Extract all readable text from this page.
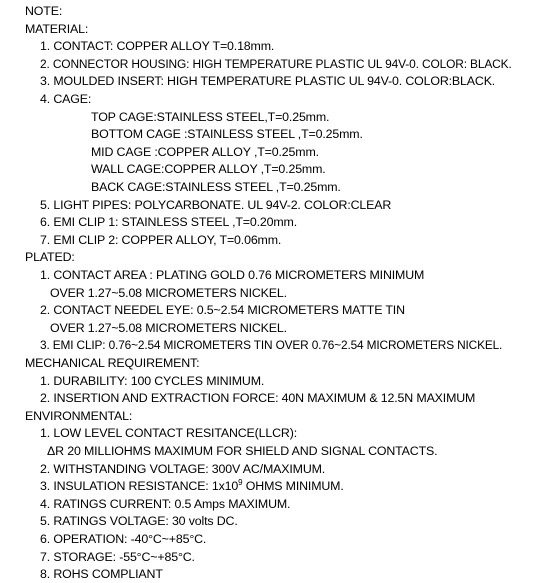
NOTE:
MATERIAL:
1. CONTACT: COPPER ALLOY T=0.18mm.
2. CONNECTOR HOUSING: HIGH TEMPERATURE PLASTIC UL 94V-0. COLOR: BLACK.
3. MOULDED INSERT: HIGH TEMPERATURE PLASTIC UL 94V-0. COLOR:BLACK.
4. CAGE:
TOP CAGE:STAINLESS STEEL,T=0.25mm.
BOTTOM CAGE :STAINLESS STEEL ,T=0.25mm.
MID CAGE :COPPER ALLOY ,T=0.25mm.
WALL CAGE:COPPER ALLOY ,T=0.25mm.
BACK CAGE:STAINLESS STEEL ,T=0.25mm.
5. LIGHT PIPES: POLYCARBONATE. UL 94V-2. COLOR:CLEAR
6. EMI CLIP 1: STAINLESS STEEL ,T=0.20mm.
7. EMI CLIP 2: COPPER ALLOY, T=0.06mm.
PLATED:
1. CONTACT AREA : PLATING GOLD 0.76 MICROMETERS MINIMUM
OVER 1.27~5.08 MICROMETERS NICKEL.
2. CONTACT NEEDEL EYE: 0.5~2.54 MICROMETERS MATTE TIN
OVER 1.27~5.08 MICROMETERS NICKEL.
3. EMI CLIP: 0.76~2.54 MICROMETERS TIN OVER 0.76~2.54 MICROMETERS NICKEL.
MECHANICAL REQUIREMENT:
1. DURABILITY: 100 CYCLES MINIMUM.
2. INSERTION AND EXTRACTION FORCE: 40N MAXIMUM & 12.5N MAXIMUM
ENVIRONMENTAL:
1. LOW LEVEL CONTACT RESITANCE(LLCR):
ΔR 20 MILLIOHMS MAXIMUM FOR SHIELD AND SIGNAL CONTACTS.
2. WITHSTANDING VOLTAGE: 300V AC/MAXIMUM.
3. INSULATION RESISTANCE: $1x10^9$ OHMS MINIMUM.
4. RATINGS CURRENT: 0.5 Amps MAXIMUM.
5. RATINGS VOLTAGE: 30 volts DC.
6. OPERATION: -40°C~+85°C.
7. STORAGE: -55°C~+85°C.
8. ROHS COMPLIANT
